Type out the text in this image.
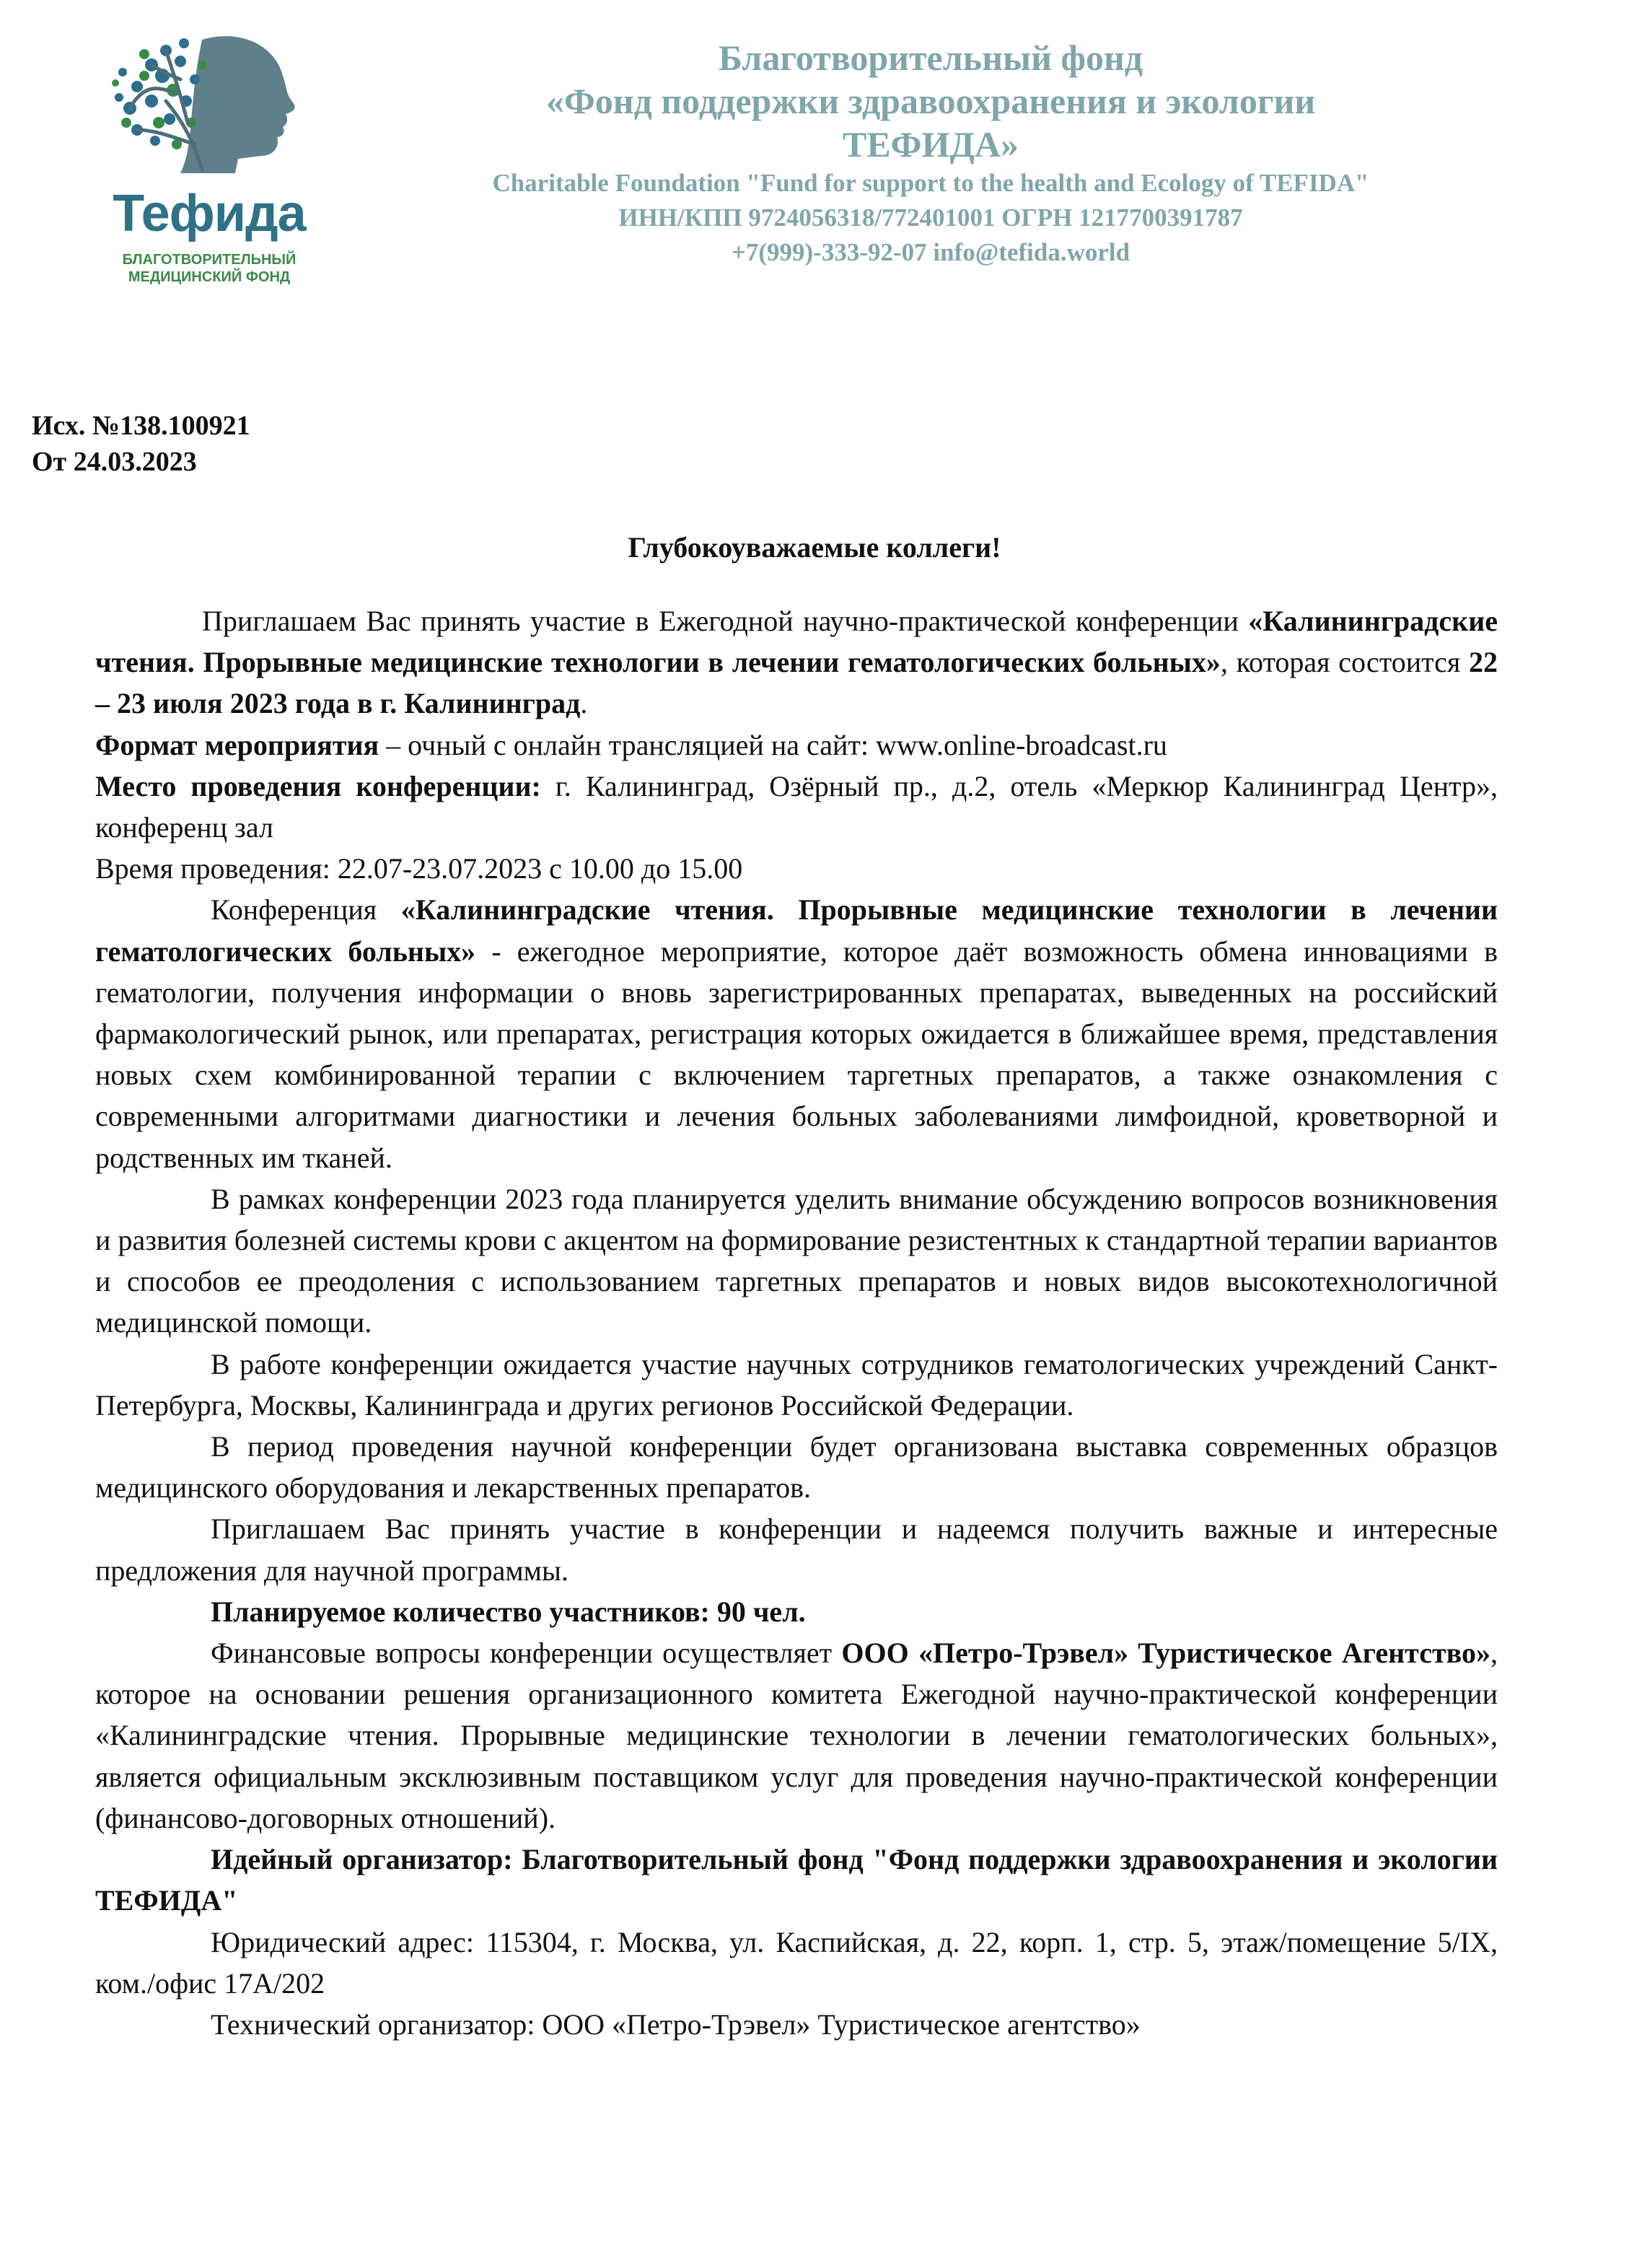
Тефида
БЛАГОТВОРИТЕЛЬНЫЙ
МЕДИЦИНСКИЙ ФОНД
Благотворительный фонд
«Фонд поддержки здравоохранения и экологии
ТЕФИДА»
Charitable Foundation "Fund for support to the health and Ecology of TEFIDA"
ИНН/КПП 9724056318/772401001 ОГРН 1217700391787
+7(999)-333-92-07 info@tefida.world
Исх. №138.100921
От 24.03.2023
Глубокоуважаемые коллеги!

Приглашаем Вас принять участие в Ежегодной научно-практической конференции «Калининградские чтения. Прорывные медицинские технологии в лечении гематологических больных», которая состоится 22 – 23 июля 2023 года в г. Калининград.

Формат мероприятия – очный с онлайн трансляцией на сайт: www.online-broadcast.ru

Место проведения конференции: г. Калининград, Озёрный пр., д.2, отель «Меркюр Калининград Центр», конференц зал

Время проведения: 22.07-23.07.2023 с 10.00 до 15.00

Конференция «Калининградские чтения. Прорывные медицинские технологии в лечении гематологических больных» - ежегодное мероприятие, которое даёт возможность обмена инновациями в гематологии, получения информации о вновь зарегистрированных препаратах, выведенных на российский фармакологический рынок, или препаратах, регистрация которых ожидается в ближайшее время, представления новых схем комбинированной терапии с включением таргетных препаратов, а также ознакомления с современными алгоритмами диагностики и лечения больных заболеваниями лимфоидной, кроветворной и родственных им тканей.

В рамках конференции 2023 года планируется уделить внимание обсуждению вопросов возникновения и развития болезней системы крови с акцентом на формирование резистентных к стандартной терапии вариантов и способов ее преодоления с использованием таргетных препаратов и новых видов высокотехнологичной медицинской помощи.

В работе конференции ожидается участие научных сотрудников гематологических учреждений Санкт-Петербурга, Москвы, Калининграда и других регионов Российской Федерации.

В период проведения научной конференции будет организована выставка современных образцов медицинского оборудования и лекарственных препаратов.

Приглашаем Вас принять участие в конференции и надеемся получить важные и интересные предложения для научной программы.

Планируемое количество участников: 90 чел.

Финансовые вопросы конференции осуществляет ООО «Петро-Трэвел» Туристическое Агентство», которое на основании решения организационного комитета Ежегодной научно-практической конференции «Калининградские чтения. Прорывные медицинские технологии в лечении гематологических больных», является официальным эксклюзивным поставщиком услуг для проведения научно-практической конференции (финансово-договорных отношений).

Идейный организатор: Благотворительный фонд "Фонд поддержки здравоохранения и экологии ТЕФИДА"

Юридический адрес: 115304, г. Москва, ул. Каспийская, д. 22, корп. 1, стр. 5, этаж/помещение 5/IX, ком./офис 17А/202

Технический организатор: ООО «Петро-Трэвел» Туристическое агентство»
